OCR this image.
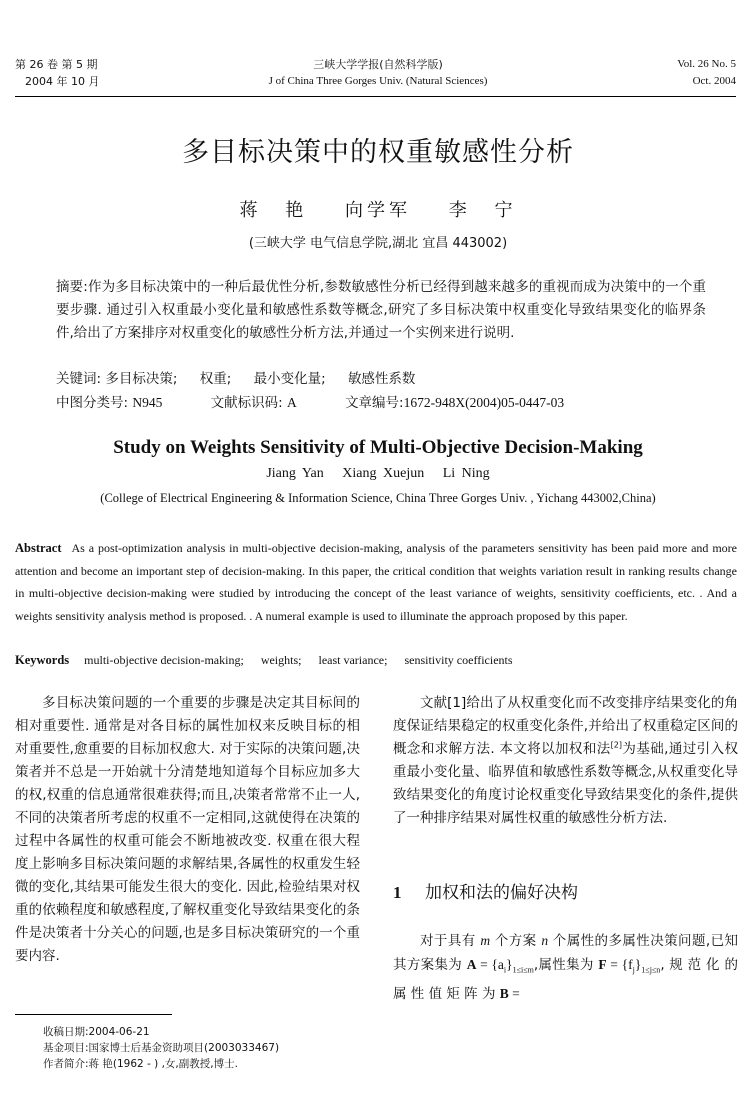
第 26 卷 第 5 期
2004 年 10 月
三峡大学学报(自然科学版)
J of China Three Gorges Univ. (Natural Sciences)
Vol. 26 No. 5
Oct. 2004
多目标决策中的权重敏感性分析
蒋 艳 向学军 李 宁
(三峡大学 电气信息学院,湖北 宜昌 443002)

摘要:作为多目标决策中的一种后最优性分析,参数敏感性分析已经得到越来越多的重视而成为决策中的一个重要步骤. 通过引入权重最小变化量和敏感性系数等概念,研究了多目标决策中权重变化导致结果变化的临界条件,给出了方案排序对权重变化的敏感性分析方法,并通过一个实例来进行说明.

关键词: 多目标决策; 权重; 最小变化量; 敏感性系数
中图分类号: N945	文献标识码: A	文章编号:1672-948X(2004)05-0447-03
Study on Weights Sensitivity of Multi-Objective Decision-Making
Jiang Yan Xiang Xuejun Li Ning
(College of Electrical Engineering & Information Science, China Three Gorges Univ. , Yichang 443002,China)
Abstract As a post-optimization analysis in multi-objective decision-making, analysis of the parameters sensitivity has been paid more and more attention and become an important step of decision-making. In this paper, the critical condition that weights variation result in ranking results change in multi-objective decision-making were studied by introducing the concept of the least variance of weights, sensitivity coefficients, etc. . And a weights sensitivity analysis method is proposed. . A numeral example is used to illuminate the approach proposed by this paper.
Keywords multi-objective decision-making; weights; least variance; sensitivity coefficients

多目标决策问题的一个重要的步骤是决定其目标间的相对重要性. 通常是对各目标的属性加权来反映目标的相对重要性,愈重要的目标加权愈大. 对于实际的决策问题,决策者并不总是一开始就十分清楚地知道每个目标应加多大的权,权重的信息通常很难获得;而且,决策者常常不止一人,不同的决策者所考虑的权重不一定相同,这就使得在决策的过程中各属性的权重可能会不断地被改变. 权重在很大程度上影响多目标决策问题的求解结果,各属性的权重发生轻微的变化,其结果可能发生很大的变化. 因此,检验结果对权重的依赖程度和敏感程度,了解权重变化导致结果变化的条件是决策者十分关心的问题,也是多目标决策研究的一个重要内容.

文献[1]给出了从权重变化而不改变排序结果变化的角度保证结果稳定的权重变化条件,并给出了权重稳定区间的概念和求解方法. 本文将以加权和法[2]为基础,通过引入权重最小变化量、临界值和敏感性系数等概念,从权重变化导致结果变化的角度讨论权重变化导致结果变化的条件,提供了一种排序结果对属性权重的敏感性分析方法.

1 加权和法的偏好决构

对于具有 m 个方案 n 个属性的多属性决策问题,已知其方案集为 $A = \{a_i\}_{1\le i\le m}$,属性集为 $F = \{f_j\}_{1\le j\le n}$, 规 范 化 的 属 性 值 矩 阵 为 B =

收稿日期:2004-06-21
基金项目:国家博士后基金资助项目(2003033467)
作者简介:蒋 艳(1962 - ) ,女,副教授,博士.
